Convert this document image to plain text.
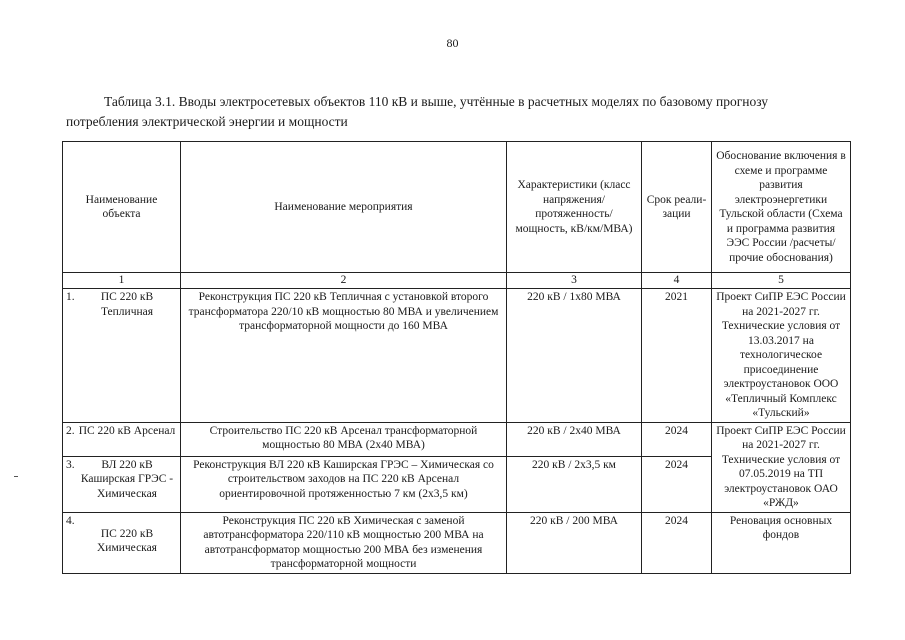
80
Таблица 3.1. Вводы электросетевых объектов 110 кВ и выше, учтённые в расчетных моделях по базовому прогнозу
потребления электрической энергии и мощности
Наименование объекта	Наименование мероприятия	Характеристики (класс напряжения/ протяженность/ мощность, кВ/км/МВА)	Срок реали-зации	Обоснование включения в схеме и программе развития электроэнергетики Тульской области (Схема и программа развития ЭЭС России /расчеты/прочие обоснования)
1	2	3	4	5

1. ПС 220 кВ Тепличная	Реконструкция ПС 220 кВ Тепличная с установкой второго трансформатора 220/10 кВ мощностью 80 МВА и увеличением трансформаторной мощности до 160 МВА	220 кВ / 1х80 МВА	2021	Проект СиПР ЕЭС России на 2021-2027 гг. Технические условия от 13.03.2017 на технологическое присоединение электроустановок ООО «Тепличный Комплекс «Тульский»

2. ПС 220 кВ Арсенал	Строительство ПС 220 кВ Арсенал трансформаторной мощностью 80 МВА (2х40 МВА)	220 кВ / 2х40 МВА	2024	Проект СиПР ЕЭС России на 2021-2027 гг. Технические условия от 07.05.2019 на ТП электроустановок ОАО «РЖД»

3. ВЛ 220 кВ Каширская ГРЭС - Химическая	Реконструкция ВЛ 220 кВ Каширская ГРЭС – Химическая со строительством заходов на ПС 220 кВ Арсенал ориентировочной протяженностью 7 км (2х3,5 км)	220 кВ / 2х3,5 км	2024	

4.
ПС 220 кВ Химическая	Реконструкция ПС 220 кВ Химическая с заменой автотрансформатора 220/110 кВ мощностью 200 МВА на автотрансформатор мощностью 200 МВА без изменения трансформаторной мощности	220 кВ / 200 МВА	2024	Реновация основных фондов
